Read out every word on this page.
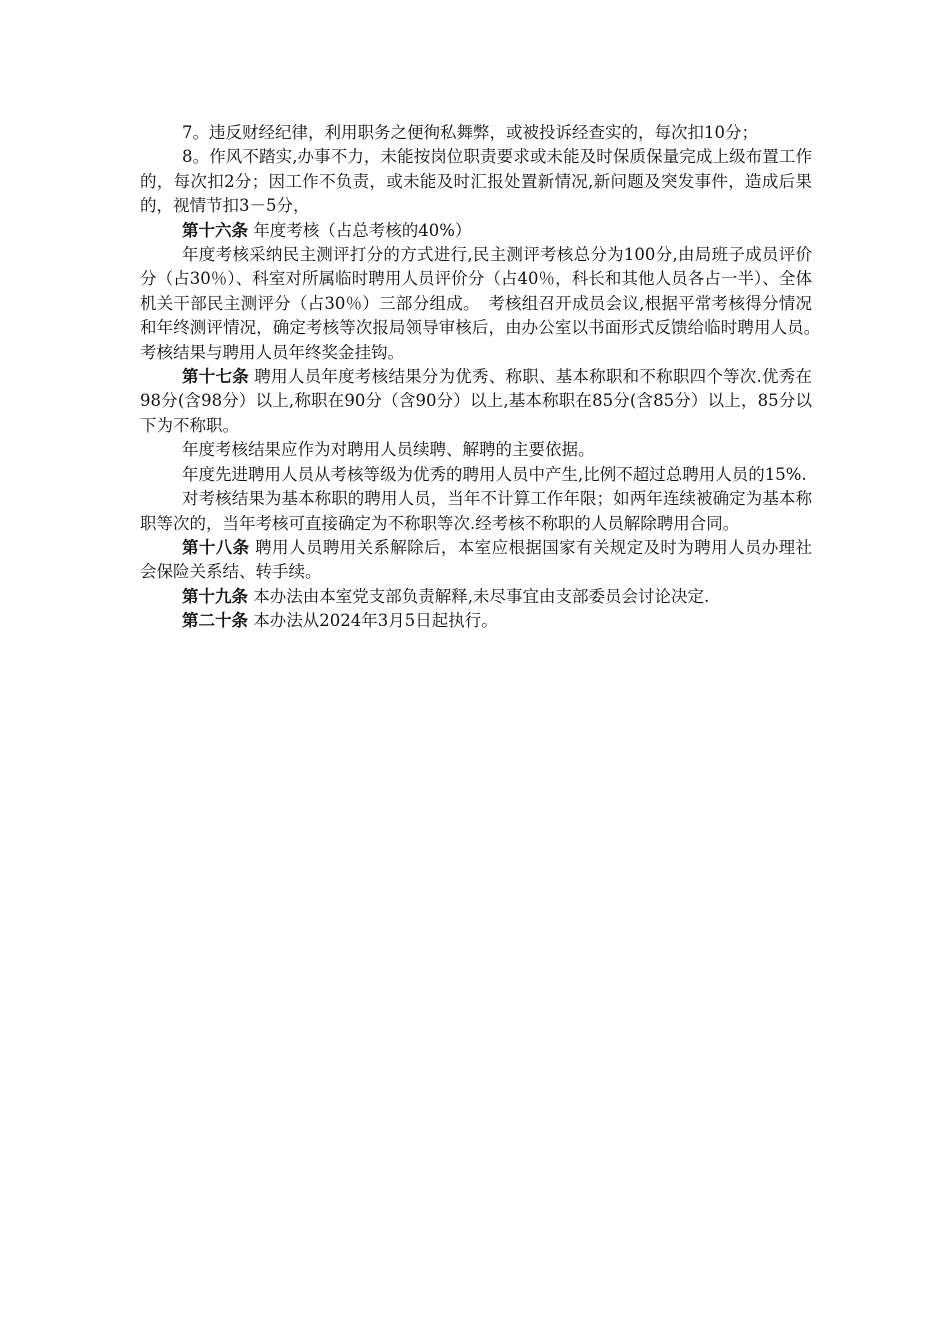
7。违反财经纪律，利用职务之便徇私舞弊，或被投诉经查实的，每次扣10分；

8。作风不踏实,办事不力，未能按岗位职责要求或未能及时保质保量完成上级布置工作的，每次扣2分；因工作不负责，或未能及时汇报处置新情况,新问题及突发事件，造成后果的，视情节扣3－5分，

第十六条 年度考核（占总考核的40%）

年度考核采纳民主测评打分的方式进行,民主测评考核总分为100分,由局班子成员评价分（占30％）、科室对所属临时聘用人员评价分（占40％，科长和其他人员各占一半）、全体机关干部民主测评分（占30％）三部分组成。　考核组召开成员会议,根据平常考核得分情况和年终测评情况，确定考核等次报局领导审核后，由办公室以书面形式反馈给临时聘用人员。　考核结果与聘用人员年终奖金挂钩。

第十七条 聘用人员年度考核结果分为优秀、称职、基本称职和不称职四个等次.优秀在98分(含98分）以上,称职在90分（含90分）以上,基本称职在85分(含85分）以上，85分以下为不称职。

年度考核结果应作为对聘用人员续聘、解聘的主要依据。

年度先进聘用人员从考核等级为优秀的聘用人员中产生,比例不超过总聘用人员的15%.

对考核结果为基本称职的聘用人员，当年不计算工作年限；如两年连续被确定为基本称职等次的，当年考核可直接确定为不称职等次.经考核不称职的人员解除聘用合同。

第十八条 聘用人员聘用关系解除后，本室应根据国家有关规定及时为聘用人员办理社会保险关系结、转手续。

第十九条 本办法由本室党支部负责解释,未尽事宜由支部委员会讨论决定.

第二十条 本办法从2024年3月5日起执行。
